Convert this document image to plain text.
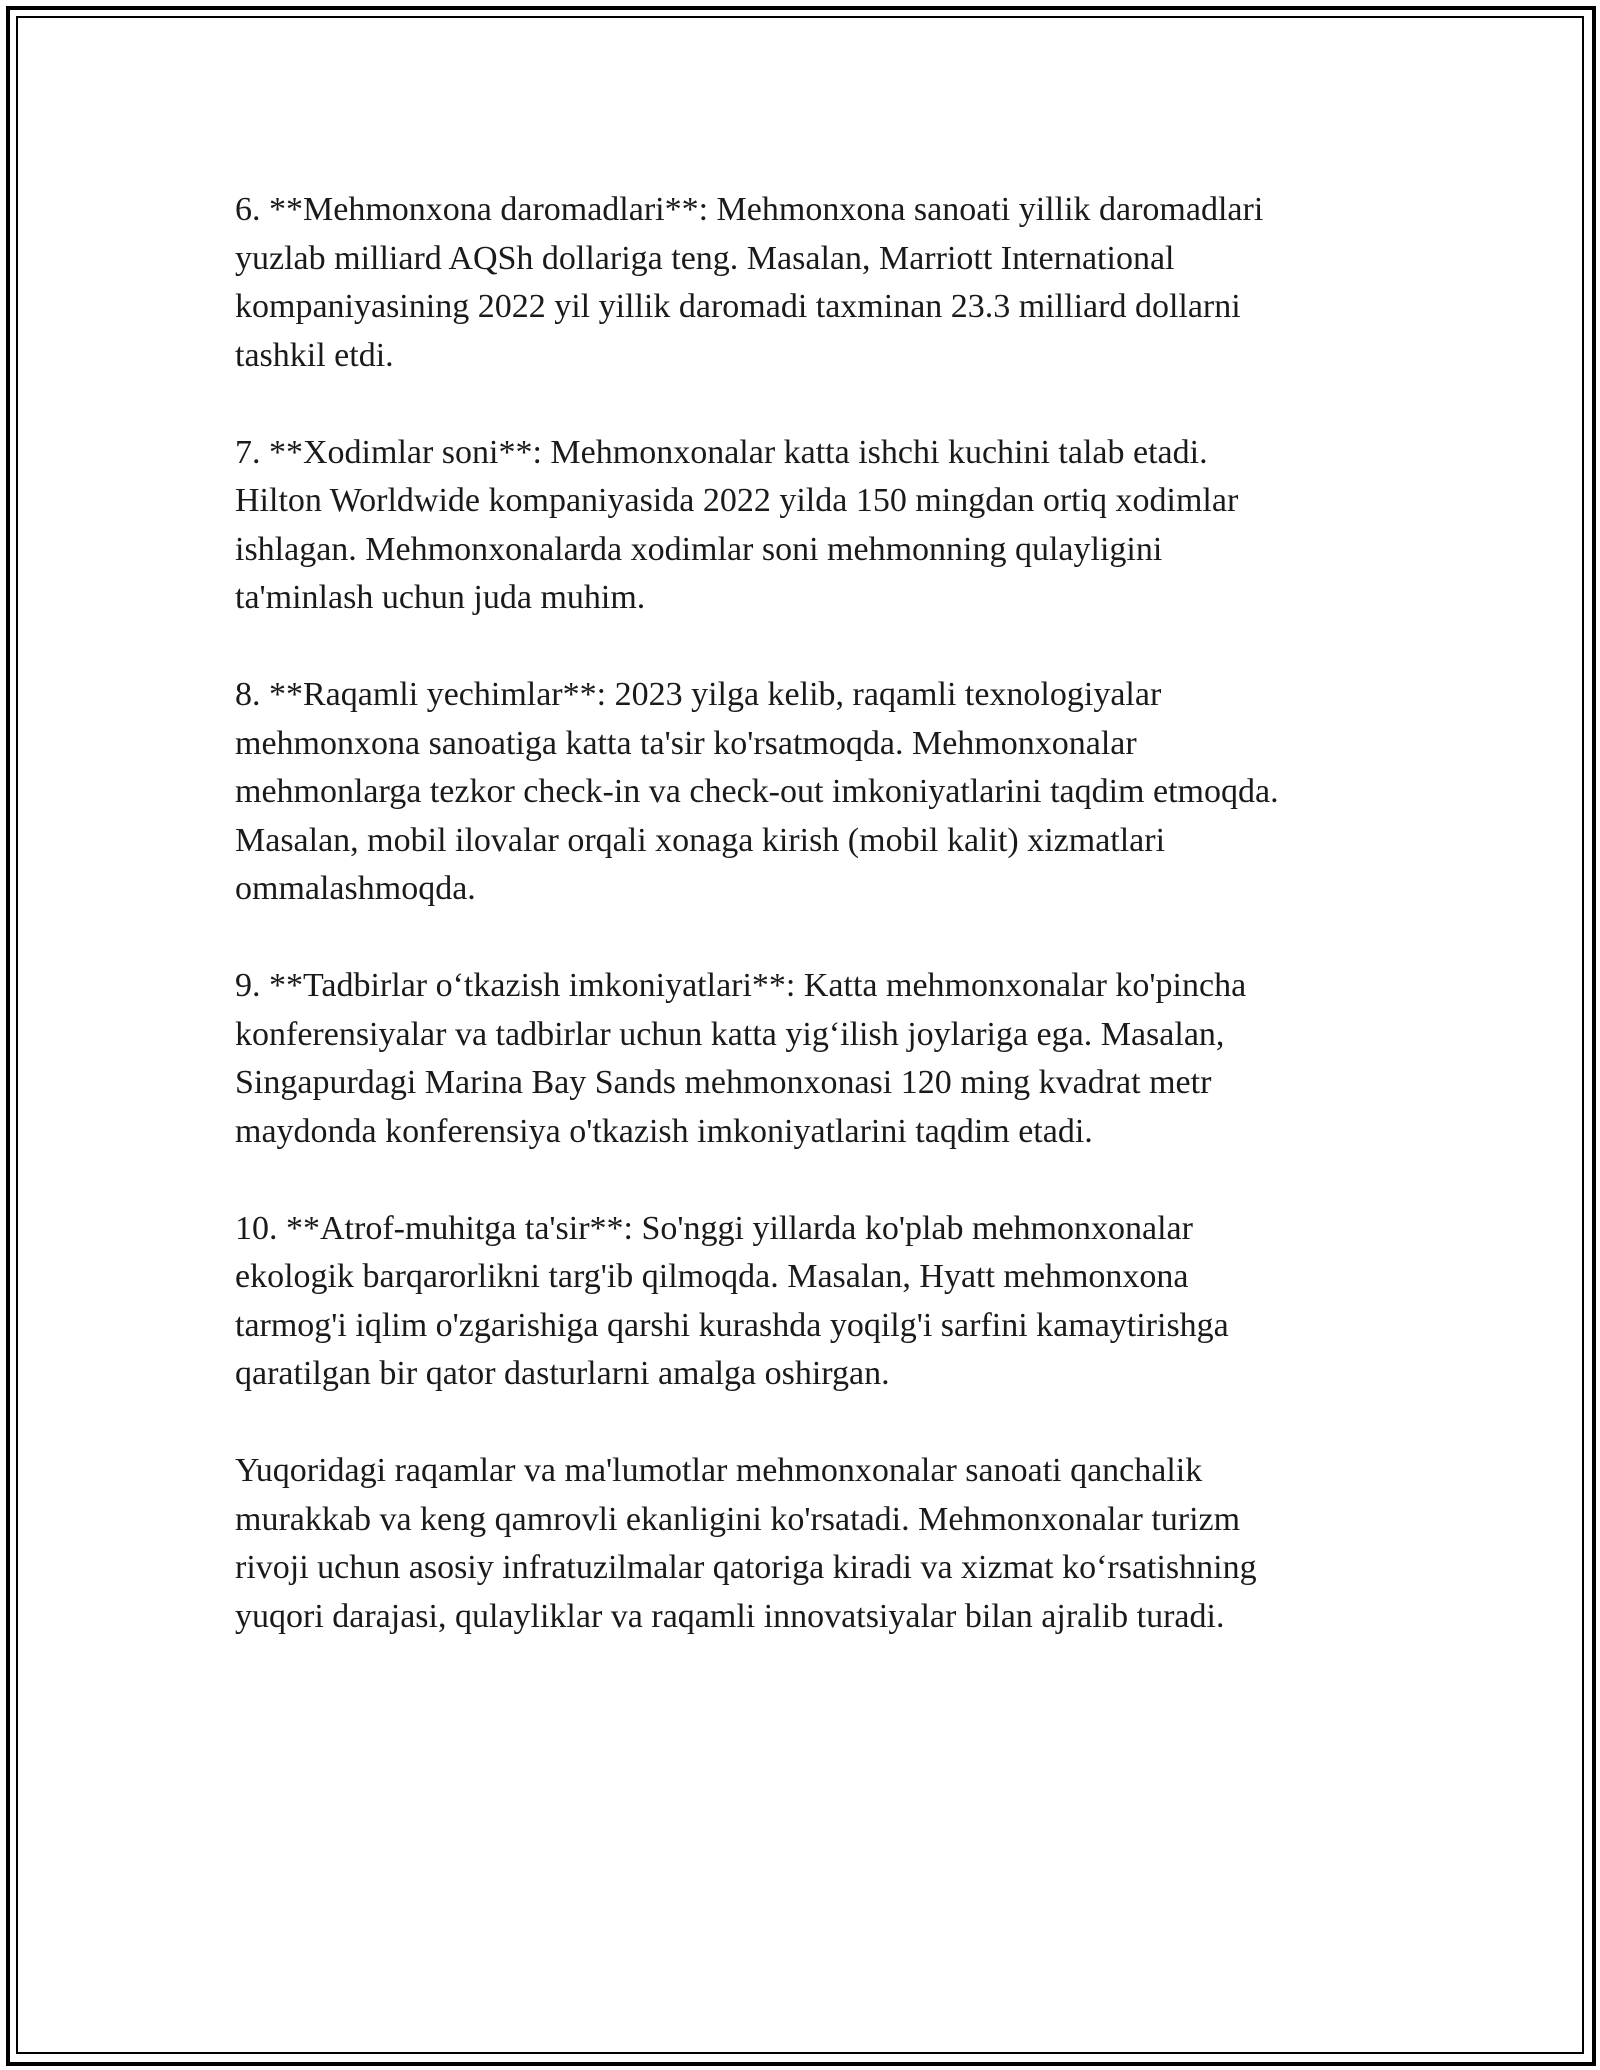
6. **Mehmonxona daromadlari**: Mehmonxona sanoati yillik daromadlari
yuzlab milliard AQSh dollariga teng. Masalan, Marriott International
kompaniyasining 2022 yil yillik daromadi taxminan 23.3 milliard dollarni
tashkil etdi.

7. **Xodimlar soni**: Mehmonxonalar katta ishchi kuchini talab etadi.
Hilton Worldwide kompaniyasida 2022 yilda 150 mingdan ortiq xodimlar
ishlagan. Mehmonxonalarda xodimlar soni mehmonning qulayligini
ta'minlash uchun juda muhim.

8. **Raqamli yechimlar**: 2023 yilga kelib, raqamli texnologiyalar
mehmonxona sanoatiga katta ta'sir ko'rsatmoqda. Mehmonxonalar
mehmonlarga tezkor check-in va check-out imkoniyatlarini taqdim etmoqda.
Masalan, mobil ilovalar orqali xonaga kirish (mobil kalit) xizmatlari
ommalashmoqda.

9. **Tadbirlar o‘tkazish imkoniyatlari**: Katta mehmonxonalar ko'pincha
konferensiyalar va tadbirlar uchun katta yig‘ilish joylariga ega. Masalan,
Singapurdagi Marina Bay Sands mehmonxonasi 120 ming kvadrat metr
maydonda konferensiya o'tkazish imkoniyatlarini taqdim etadi.

10. **Atrof-muhitga ta'sir**: So'nggi yillarda ko'plab mehmonxonalar
ekologik barqarorlikni targ'ib qilmoqda. Masalan, Hyatt mehmonxona
tarmog'i iqlim o'zgarishiga qarshi kurashda yoqilg'i sarfini kamaytirishga
qaratilgan bir qator dasturlarni amalga oshirgan.

Yuqoridagi raqamlar va ma'lumotlar mehmonxonalar sanoati qanchalik
murakkab va keng qamrovli ekanligini ko'rsatadi. Mehmonxonalar turizm
rivoji uchun asosiy infratuzilmalar qatoriga kiradi va xizmat ko‘rsatishning
yuqori darajasi, qulayliklar va raqamli innovatsiyalar bilan ajralib turadi.
